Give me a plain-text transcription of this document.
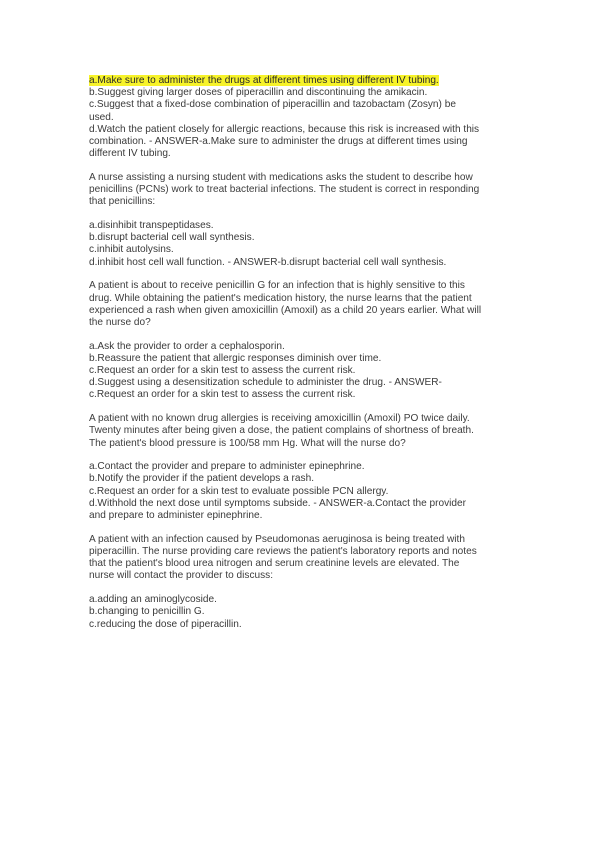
a.Make sure to administer the drugs at different times using different IV tubing.
b.Suggest giving larger doses of piperacillin and discontinuing the amikacin.
c.Suggest that a fixed-dose combination of piperacillin and tazobactam (Zosyn) be
used.
d.Watch the patient closely for allergic reactions, because this risk is increased with this
combination. - ANSWER-a.Make sure to administer the drugs at different times using
different IV tubing.
A nurse assisting a nursing student with medications asks the student to describe how
penicillins (PCNs) work to treat bacterial infections. The student is correct in responding
that penicillins:
a.disinhibit transpeptidases.
b.disrupt bacterial cell wall synthesis.
c.inhibit autolysins.
d.inhibit host cell wall function. - ANSWER-b.disrupt bacterial cell wall synthesis.
A patient is about to receive penicillin G for an infection that is highly sensitive to this
drug. While obtaining the patient's medication history, the nurse learns that the patient
experienced a rash when given amoxicillin (Amoxil) as a child 20 years earlier. What will
the nurse do?
a.Ask the provider to order a cephalosporin.
b.Reassure the patient that allergic responses diminish over time.
c.Request an order for a skin test to assess the current risk.
d.Suggest using a desensitization schedule to administer the drug. - ANSWER-
c.Request an order for a skin test to assess the current risk.
A patient with no known drug allergies is receiving amoxicillin (Amoxil) PO twice daily.
Twenty minutes after being given a dose, the patient complains of shortness of breath.
The patient's blood pressure is 100/58 mm Hg. What will the nurse do?
a.Contact the provider and prepare to administer epinephrine.
b.Notify the provider if the patient develops a rash.
c.Request an order for a skin test to evaluate possible PCN allergy.
d.Withhold the next dose until symptoms subside. - ANSWER-a.Contact the provider
and prepare to administer epinephrine.
A patient with an infection caused by Pseudomonas aeruginosa is being treated with
piperacillin. The nurse providing care reviews the patient's laboratory reports and notes
that the patient's blood urea nitrogen and serum creatinine levels are elevated. The
nurse will contact the provider to discuss:
a.adding an aminoglycoside.
b.changing to penicillin G.
c.reducing the dose of piperacillin.
